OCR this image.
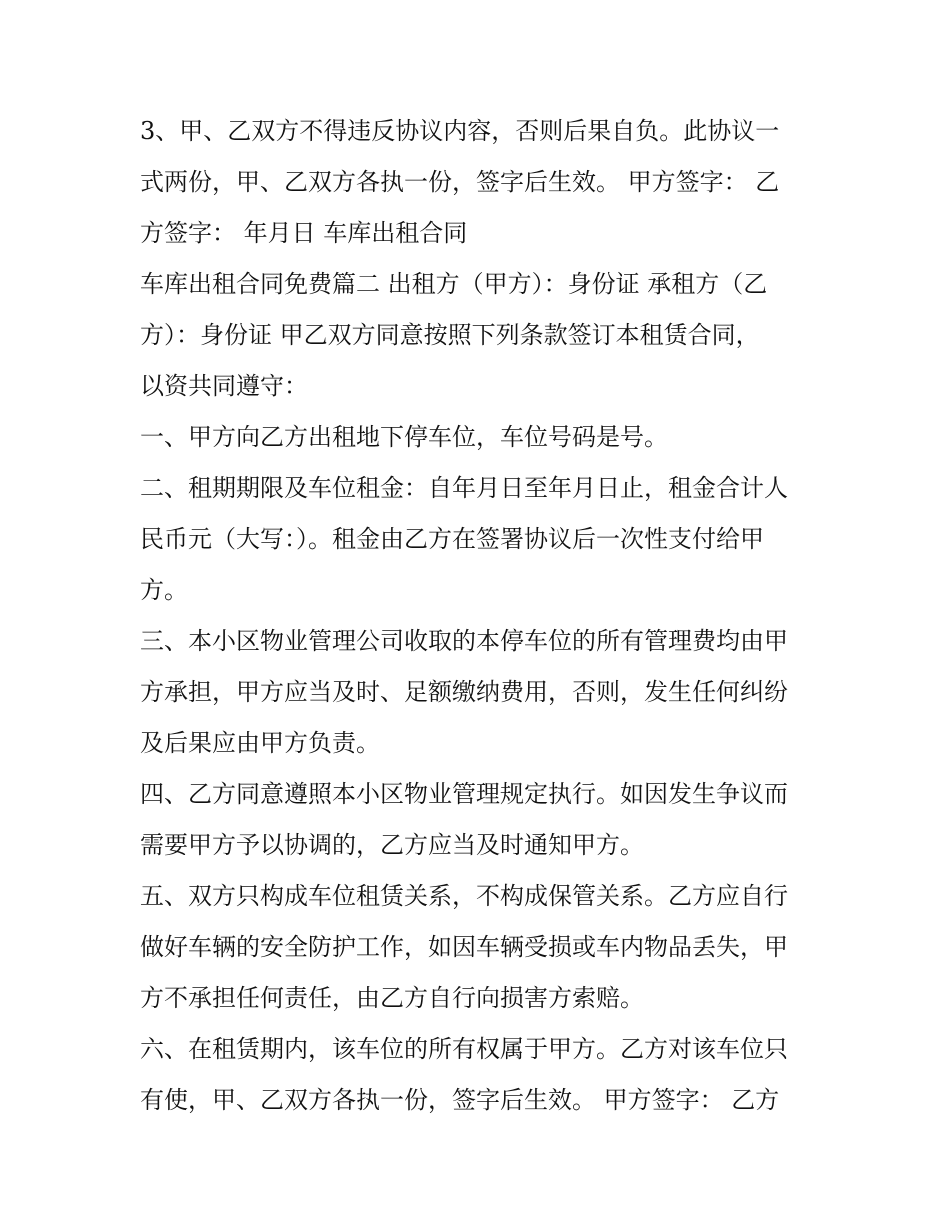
3、甲、乙双方不得违反协议内容，否则后果自负。此协议一
式两份，甲、乙双方各执一份，签字后生效。 甲方签字： 乙
方签字： 年月日 车库出租合同
车库出租合同免费篇二 出租方（甲方）：身份证 承租方（乙
方）：身份证 甲乙双方同意按照下列条款签订本租赁合同，
以资共同遵守：
一、甲方向乙方出租地下停车位，车位号码是号。
二、租期期限及车位租金：自年月日至年月日止，租金合计人
民币元（大写：）。租金由乙方在签署协议后一次性支付给甲
方。
三、本小区物业管理公司收取的本停车位的所有管理费均由甲
方承担，甲方应当及时、足额缴纳费用，否则，发生任何纠纷
及后果应由甲方负责。
四、乙方同意遵照本小区物业管理规定执行。如因发生争议而
需要甲方予以协调的，乙方应当及时通知甲方。
五、双方只构成车位租赁关系，不构成保管关系。乙方应自行
做好车辆的安全防护工作，如因车辆受损或车内物品丢失，甲
方不承担任何责任，由乙方自行向损害方索赔。
六、在租赁期内，该车位的所有权属于甲方。乙方对该车位只
有使，甲、乙双方各执一份，签字后生效。 甲方签字： 乙方
